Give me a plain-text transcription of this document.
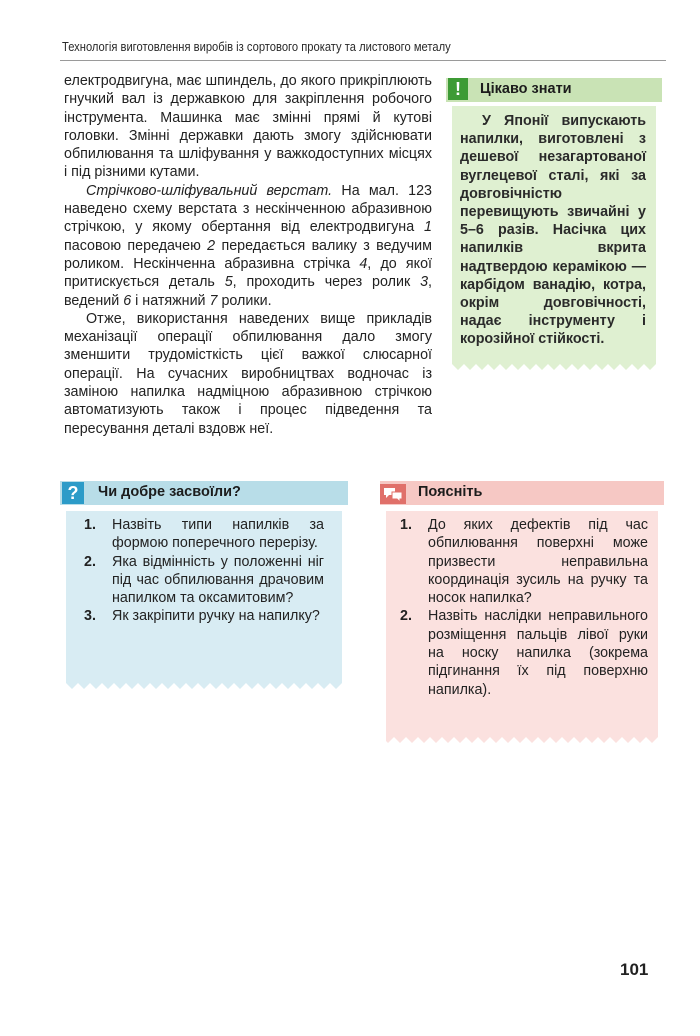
Технологія виготовлення виробів із сортового прокату та листового металу

електродвигуна, має шпиндель, до якого прикріплюють гнучкий вал із державкою для закріплення робочого інструмента. Машинка має змінні прямі й кутові головки. Змінні державки дають змогу здійснювати обпилювання та шліфування у важкодоступних місцях і під різними кутами.

Стрічково-шліфувальний верстат. На мал. 123 наведено схему верстата з нескінченною абразивною стрічкою, у якому обертання від електродвигуна 1 пасовою передачею 2 передається валику з ведучим роликом. Нескінченна абразивна стрічка 4, до якої притискується деталь 5, проходить через ролик 3, ведений 6 і натяжний 7 ролики.

Отже, використання наведених вище прикладів механізації операції обпилювання дало змогу зменшити трудомісткість цієї важкої слюсарної операції. На сучасних виробництвах водночас із заміною напилка надміцною абразивною стрічкою автоматизують також і процес підведення та пересування деталі вздовж неї.

!	Цікаво знати

У Японії випускають напилки, виготовлені з дешевої незагартованої вуглецевої сталі, які за довговічністю перевищують звичайні у 5–6 разів. Насічка цих напилків вкрита надтвердою керамікою — карбідом ванадію, котра, окрім довговічності, надає інструменту і корозійної стійкості.

?	Чи добре засвоїли?
1. Назвіть типи напилків за формою поперечного перерізу.
2. Яка відмінність у положенні ніг під час обпилювання драчовим напилком та оксамитовим?
3. Як закріпити ручку на напилку?
Поясніть
1. До яких дефектів під час обпилювання поверхні може призвести неправильна координація зусиль на ручку та носок напилка?
2. Назвіть наслідки неправильного розміщення пальців лівої руки на носку напилка (зокрема підгинання їх під поверхню напилка).
101
